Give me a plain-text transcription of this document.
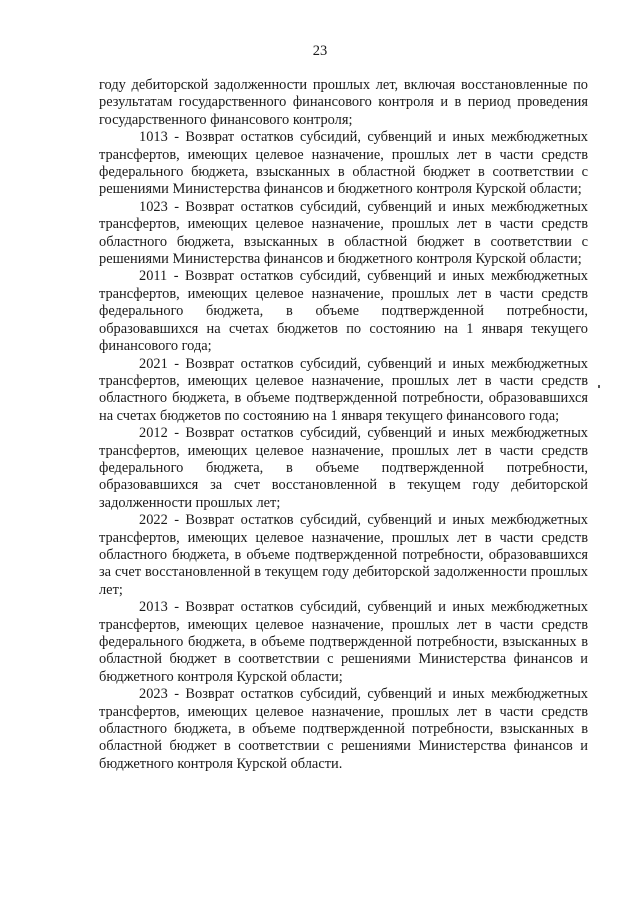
23

году дебиторской задолженности прошлых лет, включая восстановленные по результатам государственного финансового контроля и в период проведения государственного финансового контроля;

1013 - Возврат остатков субсидий, субвенций и иных межбюджетных трансфертов, имеющих целевое назначение, прошлых лет в части средств федерального бюджета, взысканных в областной бюджет в соответствии с решениями Министерства финансов и бюджетного контроля Курской области;

1023 - Возврат остатков субсидий, субвенций и иных межбюджетных трансфертов, имеющих целевое назначение, прошлых лет в части средств областного бюджета, взысканных в областной бюджет в соответствии с решениями Министерства финансов и бюджетного контроля Курской области;

2011 - Возврат остатков субсидий, субвенций и иных межбюджетных трансфертов, имеющих целевое назначение, прошлых лет в части средств федерального бюджета, в объеме подтвержденной потребности, образовавшихся на счетах бюджетов по состоянию на 1 января текущего финансового года;

2021 - Возврат остатков субсидий, субвенций и иных межбюджетных трансфертов, имеющих целевое назначение, прошлых лет в части средств областного бюджета, в объеме подтвержденной потребности, образовавшихся на счетах бюджетов по состоянию на 1 января текущего финансового года;

2012 - Возврат остатков субсидий, субвенций и иных межбюджетных трансфертов, имеющих целевое назначение, прошлых лет в части средств федерального бюджета, в объеме подтвержденной потребности, образовавшихся за счет восстановленной в текущем году дебиторской задолженности прошлых лет;

2022 - Возврат остатков субсидий, субвенций и иных межбюджетных трансфертов, имеющих целевое назначение, прошлых лет в части средств областного бюджета, в объеме подтвержденной потребности, образовавшихся за счет восстановленной в текущем году дебиторской задолженности прошлых лет;

2013 - Возврат остатков субсидий, субвенций и иных межбюджетных трансфертов, имеющих целевое назначение, прошлых лет в части средств федерального бюджета, в объеме подтвержденной потребности, взысканных в областной бюджет в соответствии с решениями Министерства финансов и бюджетного контроля Курской области;

2023 - Возврат остатков субсидий, субвенций и иных межбюджетных трансфертов, имеющих целевое назначение, прошлых лет в части средств областного бюджета, в объеме подтвержденной потребности, взысканных в областной бюджет в соответствии с решениями Министерства финансов и бюджетного контроля Курской области.
